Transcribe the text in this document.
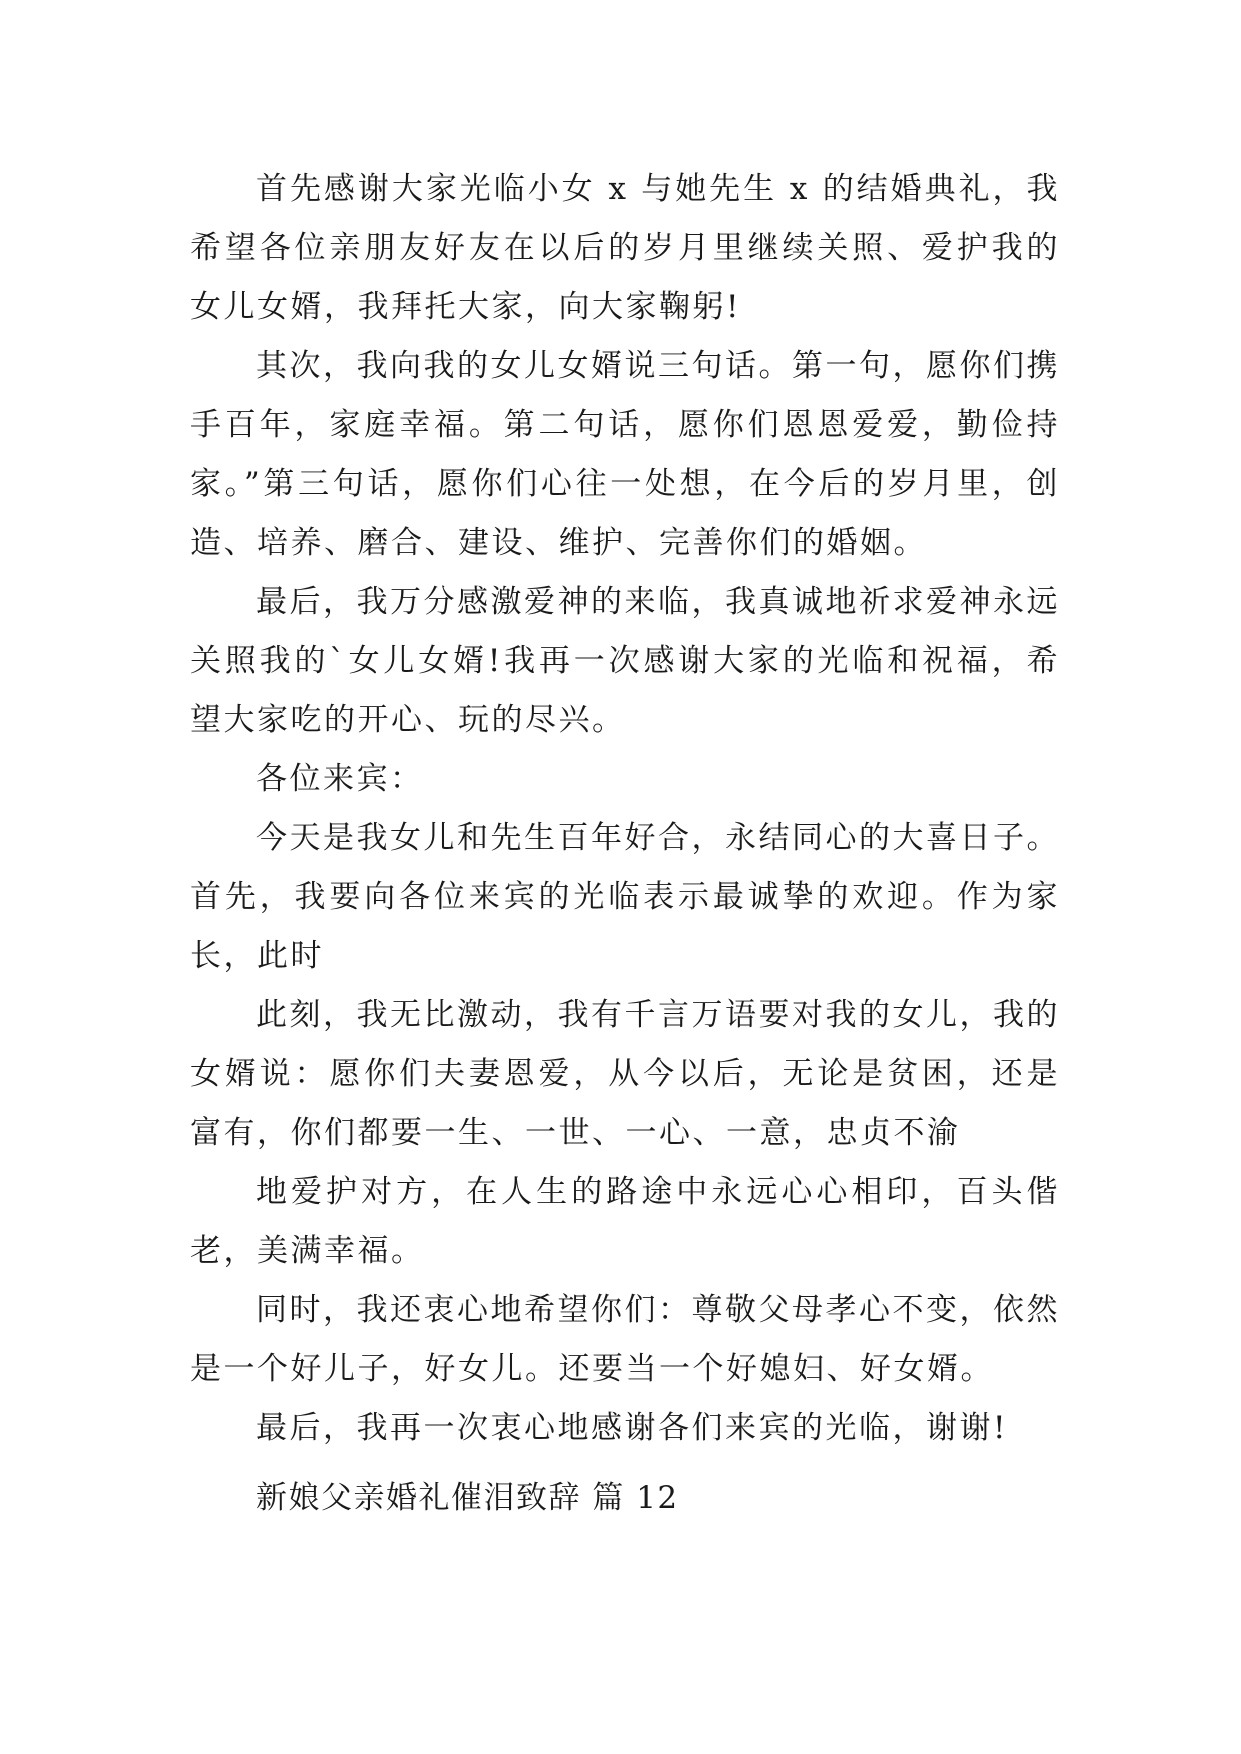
首先感谢大家光临小女 x 与她先生 x 的结婚典礼，我希望各位亲朋友好友在以后的岁月里继续关照、爱护我的女儿女婿，我拜托大家，向大家鞠躬!

其次，我向我的女儿女婿说三句话。第一句，愿你们携手百年，家庭幸福。第二句话，愿你们恩恩爱爱，勤俭持家。”第三句话，愿你们心往一处想，在今后的岁月里，创造、培养、磨合、建设、维护、完善你们的婚姻。

最后，我万分感激爱神的来临，我真诚地祈求爱神永远关照我的`女儿女婿!我再一次感谢大家的光临和祝福，希望大家吃的开心、玩的尽兴。

各位来宾：

今天是我女儿和先生百年好合，永结同心的大喜日子。首先，我要向各位来宾的光临表示最诚挚的欢迎。作为家长，此时

此刻，我无比激动，我有千言万语要对我的女儿，我的女婿说：愿你们夫妻恩爱，从今以后，无论是贫困，还是富有，你们都要一生、一世、一心、一意，忠贞不渝

地爱护对方，在人生的路途中永远心心相印，百头偕老，美满幸福。

同时，我还衷心地希望你们：尊敬父母孝心不变，依然是一个好儿子，好女儿。还要当一个好媳妇、好女婿。

最后，我再一次衷心地感谢各们来宾的光临，谢谢!

新娘父亲婚礼催泪致辞 篇 12
